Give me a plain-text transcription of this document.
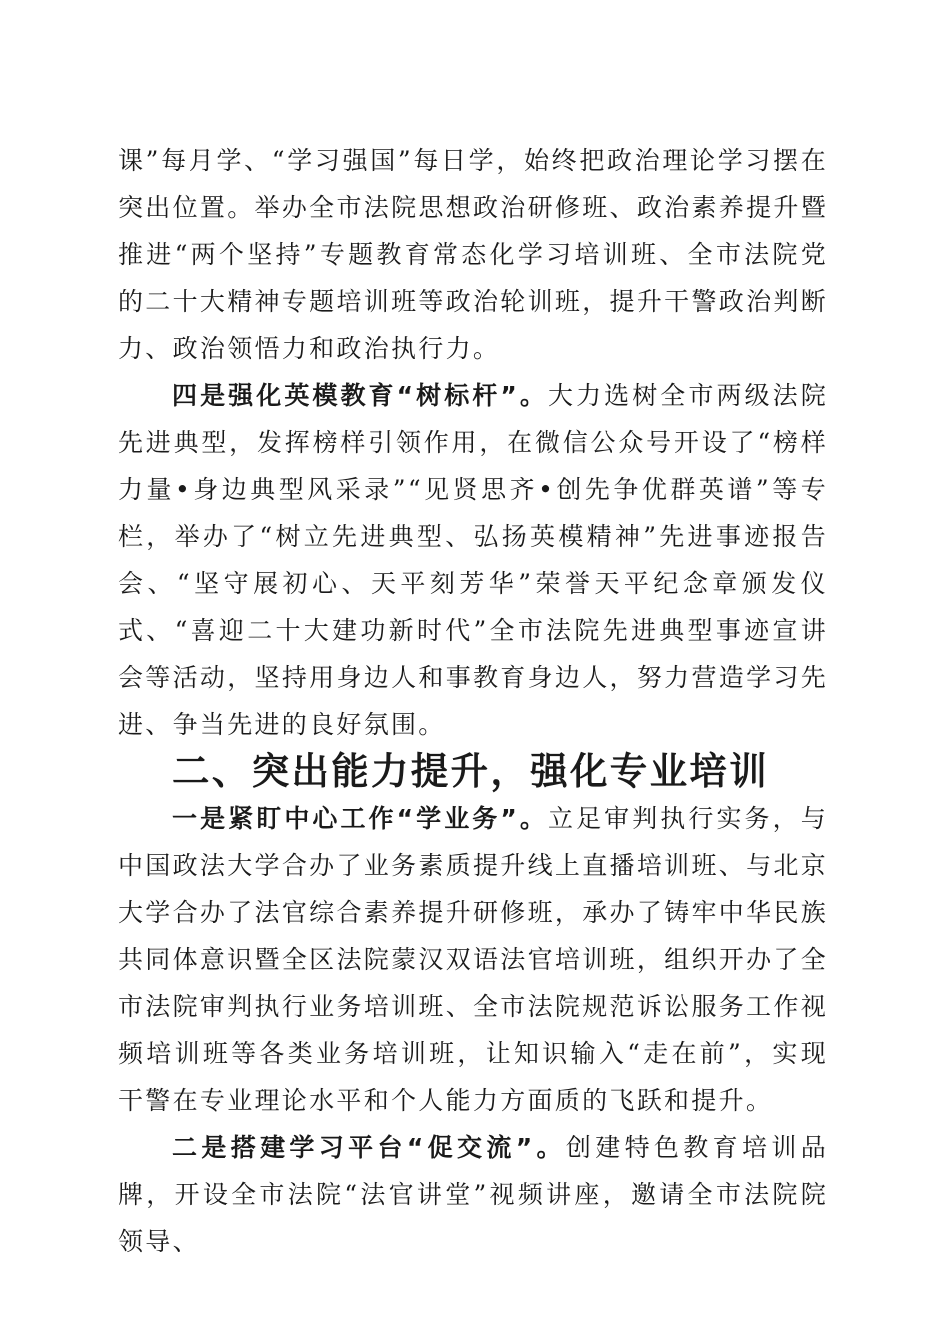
课”每月学、“学习强国”每日学，始终把政治理论学习摆在突出位置。举办全市法院思想政治研修班、政治素养提升暨推进“两个坚持”专题教育常态化学习培训班、全市法院党的二十大精神专题培训班等政治轮训班，提升干警政治判断力、政治领悟力和政治执行力。

四是强化英模教育“树标杆”。大力选树全市两级法院先进典型，发挥榜样引领作用，在微信公众号开设了“榜样力量•身边典型风采录”“见贤思齐•创先争优群英谱”等专栏，举办了“树立先进典型、弘扬英模精神”先进事迹报告会、“坚守展初心、天平刻芳华”荣誉天平纪念章颁发仪式、“喜迎二十大建功新时代”全市法院先进典型事迹宣讲会等活动，坚持用身边人和事教育身边人，努力营造学习先进、争当先进的良好氛围。

二、突出能力提升，强化专业培训

一是紧盯中心工作“学业务”。立足审判执行实务，与中国政法大学合办了业务素质提升线上直播培训班、与北京大学合办了法官综合素养提升研修班，承办了铸牢中华民族共同体意识暨全区法院蒙汉双语法官培训班，组织开办了全市法院审判执行业务培训班、全市法院规范诉讼服务工作视频培训班等各类业务培训班，让知识输入“走在前”，实现干警在专业理论水平和个人能力方面质的飞跃和提升。

二是搭建学习平台“促交流”。创建特色教育培训品牌，开设全市法院“法官讲堂”视频讲座，邀请全市法院院领导、
